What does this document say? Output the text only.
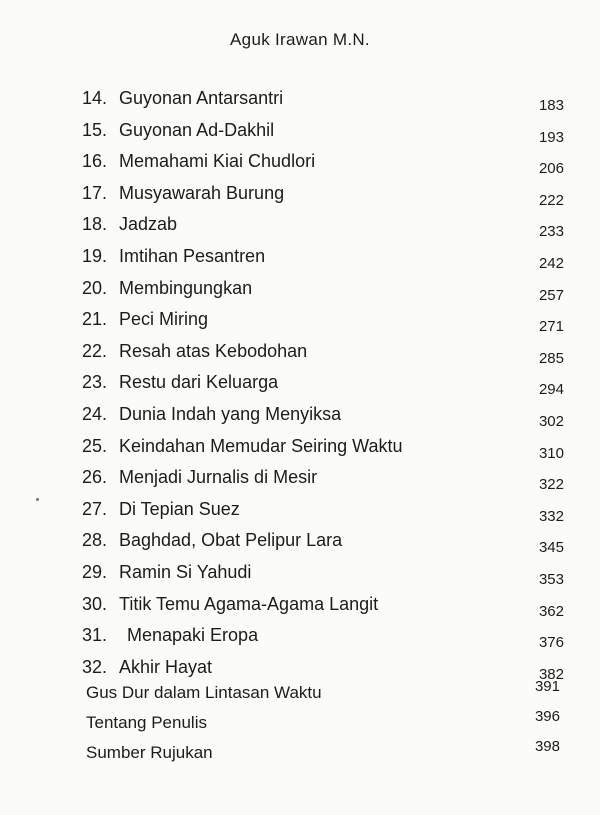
Aguk Irawan M.N.
14. Guyonan Antarsantri	183
15. Guyonan Ad-Dakhil	193
16. Memahami Kiai Chudlori	206
17. Musyawarah Burung	222
18. Jadzab	233
19. Imtihan Pesantren	242
20. Membingungkan	257
21. Peci Miring	271
22. Resah atas Kebodohan	285
23. Restu dari Keluarga	294
24. Dunia Indah yang Menyiksa	302
25. Keindahan Memudar Seiring Waktu	310
26. Menjadi Jurnalis di Mesir	322
27. Di Tepian Suez	332
28. Baghdad, Obat Pelipur Lara	345
29. Ramin Si Yahudi	353
30. Titik Temu Agama-Agama Langit	362
31. Menapaki Eropa	376
32. Akhir Hayat	382
Gus Dur dalam Lintasan Waktu	391
Tentang Penulis	396
Sumber Rujukan	398
